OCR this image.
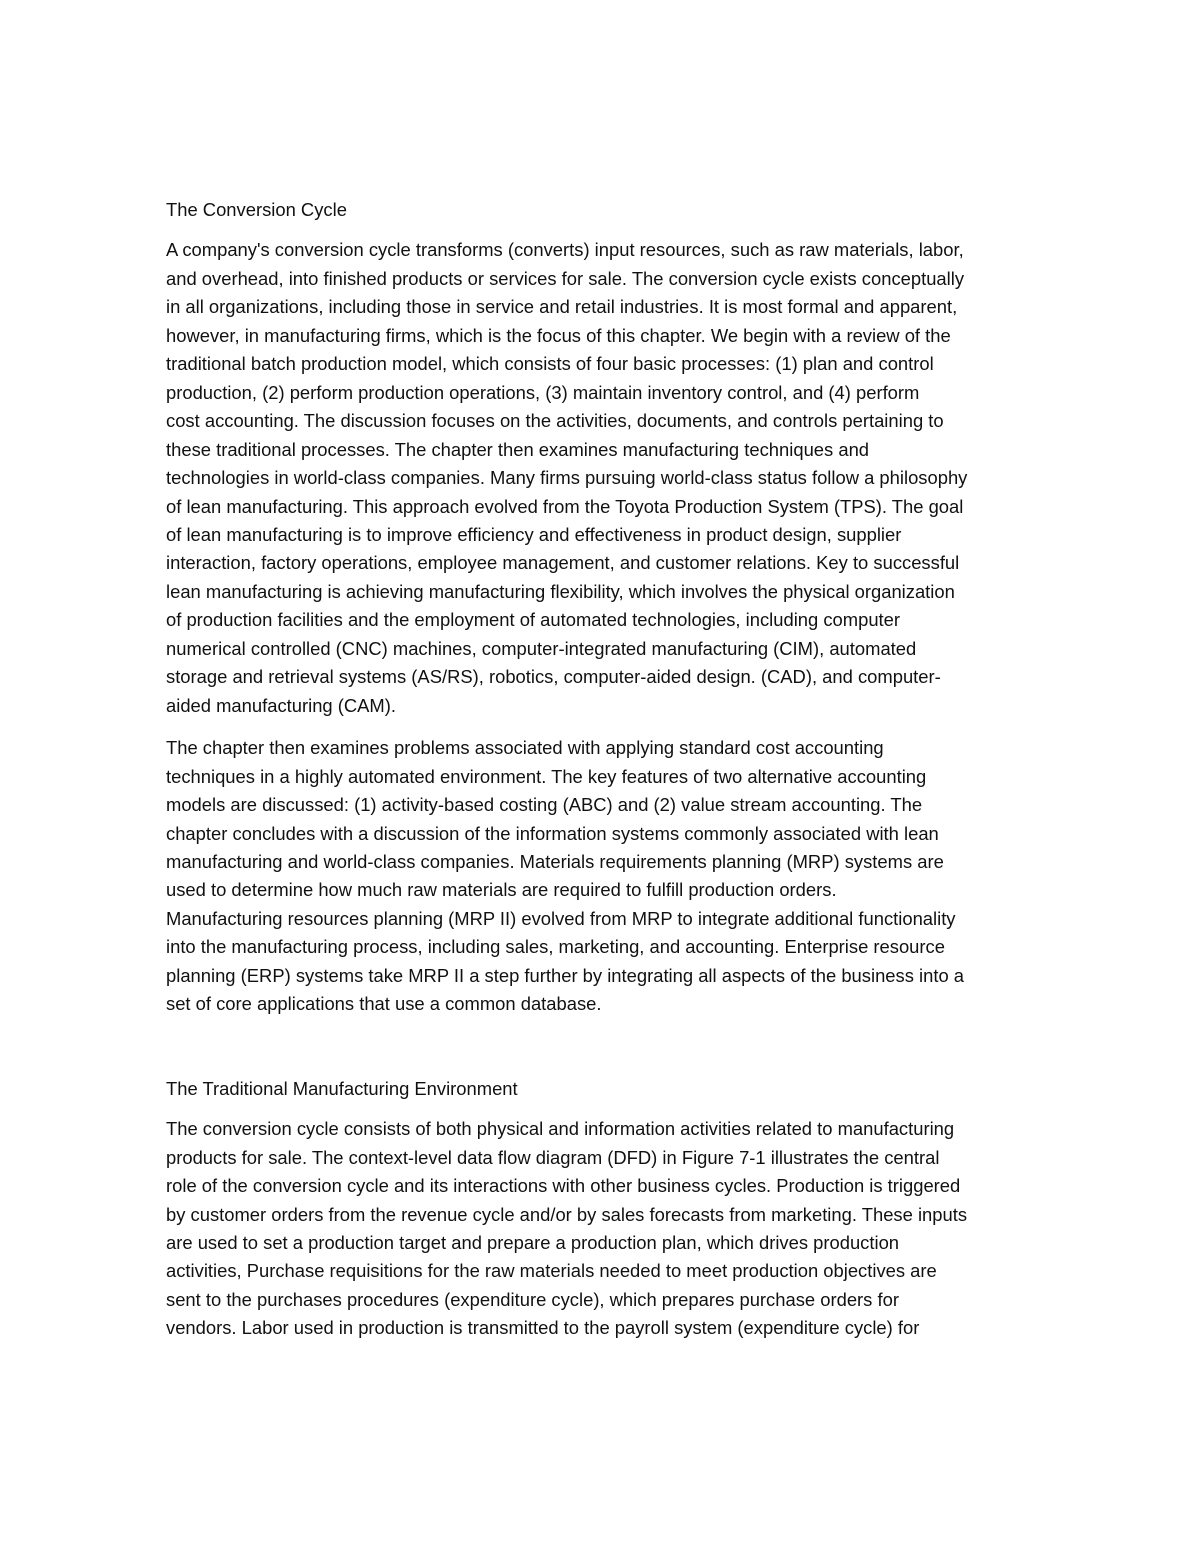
The Conversion Cycle
A company's conversion cycle transforms (converts) input resources, such as raw materials, labor,
and overhead, into finished products or services for sale. The conversion cycle exists conceptually
in all organizations, including those in service and retail industries. It is most formal and apparent,
however, in manufacturing firms, which is the focus of this chapter. We begin with a review of the
traditional batch production model, which consists of four basic processes: (1) plan and control
production, (2) perform production operations, (3) maintain inventory control, and (4) perform
cost accounting. The discussion focuses on the activities, documents, and controls pertaining to
these traditional processes. The chapter then examines manufacturing techniques and
technologies in world-class companies. Many firms pursuing world-class status follow a philosophy
of lean manufacturing. This approach evolved from the Toyota Production System (TPS). The goal
of lean manufacturing is to improve efficiency and effectiveness in product design, supplier
interaction, factory operations, employee management, and customer relations. Key to successful
lean manufacturing is achieving manufacturing flexibility, which involves the physical organization
of production facilities and the employment of automated technologies, including computer
numerical controlled (CNC) machines, computer-integrated manufacturing (CIM), automated
storage and retrieval systems (AS/RS), robotics, computer-aided design. (CAD), and computer-
aided manufacturing (CAM).
The chapter then examines problems associated with applying standard cost accounting
techniques in a highly automated environment. The key features of two alternative accounting
models are discussed: (1) activity-based costing (ABC) and (2) value stream accounting. The
chapter concludes with a discussion of the information systems commonly associated with lean
manufacturing and world-class companies. Materials requirements planning (MRP) systems are
used to determine how much raw materials are required to fulfill production orders.
Manufacturing resources planning (MRP II) evolved from MRP to integrate additional functionality
into the manufacturing process, including sales, marketing, and accounting. Enterprise resource
planning (ERP) systems take MRP II a step further by integrating all aspects of the business into a
set of core applications that use a common database.
The Traditional Manufacturing Environment
The conversion cycle consists of both physical and information activities related to manufacturing
products for sale. The context-level data flow diagram (DFD) in Figure 7-1 illustrates the central
role of the conversion cycle and its interactions with other business cycles. Production is triggered
by customer orders from the revenue cycle and/or by sales forecasts from marketing. These inputs
are used to set a production target and prepare a production plan, which drives production
activities, Purchase requisitions for the raw materials needed to meet production objectives are
sent to the purchases procedures (expenditure cycle), which prepares purchase orders for
vendors. Labor used in production is transmitted to the payroll system (expenditure cycle) for
